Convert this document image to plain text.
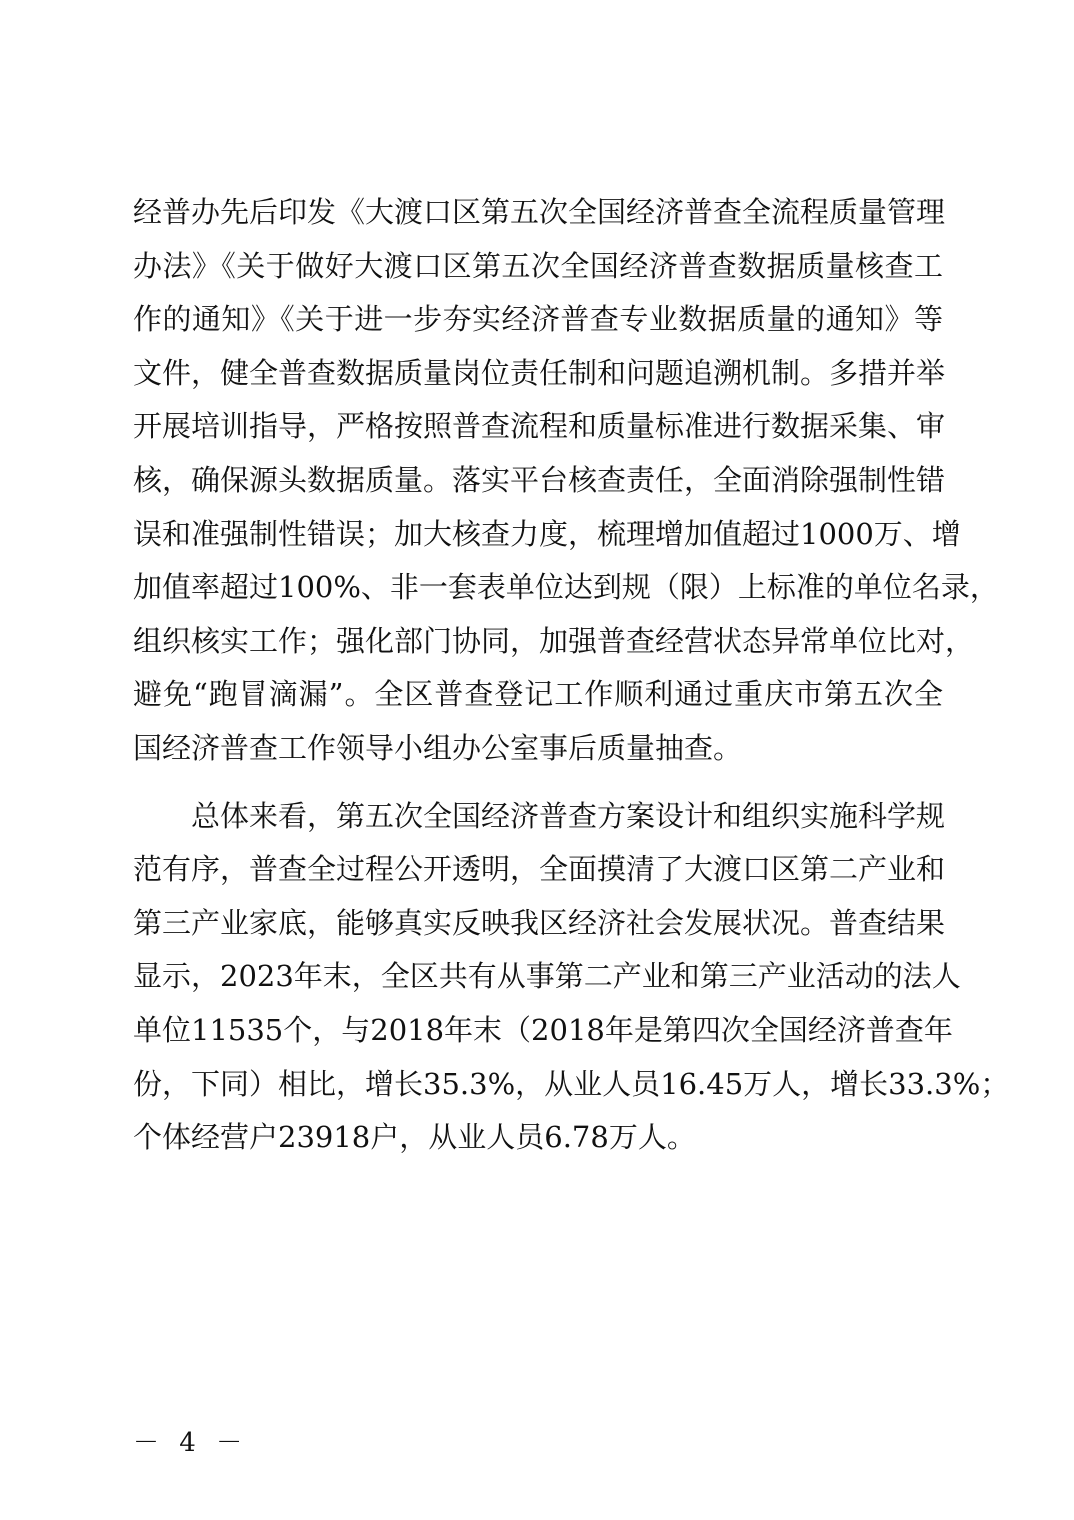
经普办先后印发《大渡口区第五次全国经济普查全流程质量管理
办法》《关于做好大渡口区第五次全国经济普查数据质量核查工
作的通知》《关于进一步夯实经济普查专业数据质量的通知》等
文件，健全普查数据质量岗位责任制和问题追溯机制。多措并举
开展培训指导，严格按照普查流程和质量标准进行数据采集、审
核，确保源头数据质量。落实平台核查责任，全面消除强制性错
误和准强制性错误；加大核查力度，梳理增加值超过1000万、增
加值率超过100%、非一套表单位达到规（限）上标准的单位名录，
组织核实工作；强化部门协同，加强普查经营状态异常单位比对，
避免“跑冒滴漏”。全区普查登记工作顺利通过重庆市第五次全
国经济普查工作领导小组办公室事后质量抽查。
　　总体来看，第五次全国经济普查方案设计和组织实施科学规
范有序，普查全过程公开透明，全面摸清了大渡口区第二产业和
第三产业家底，能够真实反映我区经济社会发展状况。普查结果
显示，2023年末，全区共有从事第二产业和第三产业活动的法人
单位11535个，与2018年末（2018年是第四次全国经济普查年
份，下同）相比，增长35.3%，从业人员16.45万人，增长33.3%；
个体经营户23918户，从业人员6.78万人。
－ 4 －
